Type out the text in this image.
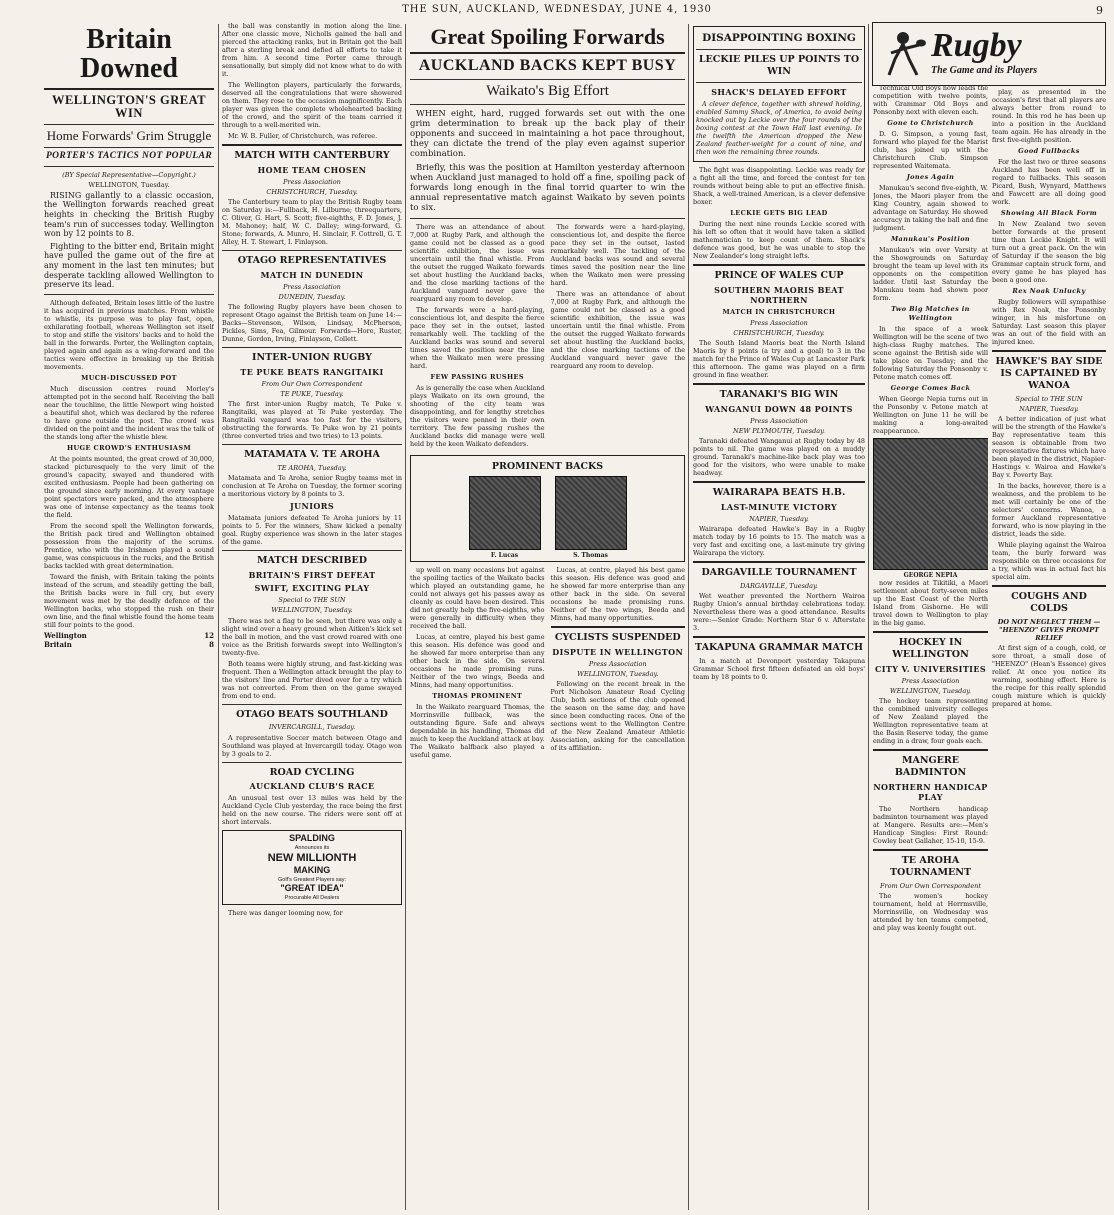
THE SUN, AUCKLAND, WEDNESDAY, JUNE 4, 1930	9
Britain Downed
WELLINGTON'S GREAT WIN
Home Forwards' Grim Struggle
PORTER'S TACTICS NOT POPULAR
(BY Special Representative—Copyright.)
WELLINGTON, Tuesday.

RISING gallantly to a classic occasion, the Wellington forwards reached great heights in checking the British Rugby team's run of successes today. Wellington won by 12 points to 8.

Fighting to the bitter end, Britain might have pulled the game out of the fire at any moment in the last ten minutes; but desperate tackling allowed Wellington to preserve its lead.

Although defeated, Britain loses little of the lustre it has acquired in previous matches. From whistle to whistle, its purpose was to play fast, open, exhilarating football, whereas Wellington set itself to stop and stifle the visitors' backs and to hold the ball in the forwards. Porter, the Wellington captain, played again and again as a wing-forward and the tactics were effective in breaking up the British movements.

MUCH-DISCUSSED POT

Much discussion centres round Morley's attempted pot in the second half. Receiving the ball near the touchline, the little Newport wing hoisted a beautiful shot, which was declared by the referee to have gone outside the post. The crowd was divided on the point and the incident was the talk of the stands long after the whistle blew.

HUGE CROWD'S ENTHUSIASM

At the points mounted, the great crowd of 30,000, stacked picturesquely to the very limit of the ground's capacity, swayed and thundered with excited enthusiasm. People had been gathering on the ground since early morning. At every vantage point spectators were packed, and the atmosphere was one of intense expectancy as the teams took the field.

From the second spell the Wellington forwards, the British pack tired and Wellington obtained possession from the majority of the scrums. Prentice, who with the Irishmen played a sound game, was conspicuous in the rucks, and the British backs tackled with great determination.

Toward the finish, with Britain taking the points instead of the scrum, and steadily getting the ball, the British backs were in full cry, but every movement was met by the deadly defence of the Wellington backs, who stopped the rush on their own line, and the final whistle found the home team still four points to the good.

Wellington	12
Britain	8

the ball was constantly in motion along the line. After one classic move, Nicholls gained the ball and pierced the attacking ranks, but in Britain got the ball after a sterling break and defied all efforts to take it from him. A second time Porter came through sensationally, but simply did not know what to do with it.

The Wellington players, particularly the forwards, deserved all the congratulations that were showered on them. They rose to the occasion magnificently. Each player was given the complete wholehearted backing of the crowd, and the spirit of the team carried it through to a well-merited win.

Mr. W. B. Fuller, of Christchurch, was referee.

MATCH WITH CANTERBURY
HOME TEAM CHOSEN
Press Association
CHRISTCHURCH, Tuesday.

The Canterbury team to play the British Rugby team on Saturday is:—Fullback, H. Lilburne; threequarters, C. Oliver, G. Hart, S. Scott; five-eighths, F. D. Jones, J. M. Mahoney; half, W. C. Dalley; wing-forward, G. Stone; forwards, A. Munro, H. Sinclair, F. Cottrell, G. T. Alley, H. T. Stewart, I. Finlayson.

OTAGO REPRESENTATIVES
MATCH IN DUNEDIN
Press Association
DUNEDIN, Tuesday.

The following Rugby players have been chosen to represent Otago against the British team on June 14:—Backs—Stevenson, Wilson, Lindsay, McPherson, Pickles, Sims, Fea, Gilmour. Forwards—Hore, Ruster, Dunne, Gordon, Irving, Finlayson, Collett.

INTER-UNION RUGBY
TE PUKE BEATS RANGITAIKI
From Our Own Correspondent
TE PUKE, Tuesday.

The first inter-union Rugby match, Te Puke v. Rangitaiki, was played at Te Puke yesterday. The Rangitaiki vanguard was too fast for the visitors, obstructing the forwards. Te Puke won by 21 points (three converted tries and two tries) to 13 points.

MATAMATA V. TE AROHA
TE AROHA, Tuesday.

Matamata and Te Aroha, senior Rugby teams met in conclusion at Te Aroha on Tuesday, the former scoring a meritorious victory by 8 points to 3.

JUNIORS

Matamata juniors defeated Te Aroha juniors by 11 points to 5. For the winners, Shaw kicked a penalty goal. Rugby experience was shown in the later stages of the game.

MATCH DESCRIBED
BRITAIN'S FIRST DEFEAT
SWIFT, EXCITING PLAY
Special to THE SUN
WELLINGTON, Tuesday.

There was not a flag to be seen, but there was only a slight wind over a heavy ground when Aitken's kick set the ball in motion, and the vast crowd roared with one voice as the British forwards swept into Wellington's twenty-five.

Both teams were highly strung, and fast-kicking was frequent. Then a Wellington attack brought the play to the visitors' line and Porter dived over for a try which was not converted. From then on the game swayed from end to end.

OTAGO BEATS SOUTHLAND
INVERCARGILL, Tuesday.

A representative Soccer match between Otago and Southland was played at Invercargill today. Otago won by 3 goals to 2.

ROAD CYCLING
AUCKLAND CLUB'S RACE

An unusual test over 13 miles was held by the Auckland Cycle Club yesterday, the race being the first held on the new course. The riders were sent off at short intervals.

SPALDING
Announces its
NEW MILLIONTH
MAKING
Golf's Greatest Players say:
"GREAT IDEA"
Procurable All Dealers

There was danger looming now, for

Great Spoiling Forwards
AUCKLAND BACKS KEPT BUSY
Waikato's Big Effort

WHEN eight, hard, rugged forwards set out with the one grim determination to break up the back play of their opponents and succeed in maintaining a hot pace throughout, they can dictate the trend of the play even against superior combination.

Briefly, this was the position at Hamilton yesterday afternoon when Auckland just managed to hold off a fine, spoiling pack of forwards long enough in the final torrid quarter to win the annual representative match against Waikato by seven points to six.

There was an attendance of about 7,000 at Rugby Park, and although the game could not be classed as a good scientific exhibition, the issue was uncertain until the final whistle. From the outset the rugged Waikato forwards set about hustling the Auckland backs, and the close marking tactions of the Auckland vanguard never gave the rearguard any room to develop.

The forwards were a hard-playing, conscientious lot, and despite the fierce pace they set in the outset, lasted remarkably well. The tackling of the Auckland backs was sound and several times saved the position near the line when the Waikato men were pressing hard.

FEW PASSING RUSHES

As is generally the case when Auckland plays Waikato on its own ground, the shooting of the city team was disappointing, and for lengthy stretches the visitors were penned in their own territory. The few passing rushes the Auckland backs did manage were well held by the keen Waikato defenders.

The forwards were a hard-playing, conscientious lot, and despite the fierce pace they set in the outset, lasted remarkably well. The tackling of the Auckland backs was sound and several times saved the position near the line when the Waikato men were pressing hard.

There was an attendance of about 7,000 at Rugby Park, and although the game could not be classed as a good scientific exhibition, the issue was uncertain until the final whistle. From the outset the rugged Waikato forwards set about hustling the Auckland backs, and the close marking tactions of the Auckland vanguard never gave the rearguard any room to develop.

PROMINENT BACKS
F. Lucas	S. Thomas

up well on many occasions but against the spoiling tactics of the Waikato backs which played an outstanding game, he could not always get his passes away as cleanly as could have been desired. This did not greatly help the five-eighths, who were generally in difficulty when they received the ball.

Lucas, at centre, played his best game this season. His defence was good and he showed far more enterprise than any other back in the side. On several occasions he made promising runs. Neither of the two wings, Beeda and Minns, had many opportunities.

THOMAS PROMINENT

In the Waikato rearguard Thomas, the Morrinsville fullback, was the outstanding figure. Safe and always dependable in his handling, Thomas did much to keep the Auckland attack at bay. The Waikato halfback also played a useful game.

Lucas, at centre, played his best game this season. His defence was good and he showed far more enterprise than any other back in the side. On several occasions he made promising runs. Neither of the two wings, Beeda and Minns, had many opportunities.

CYCLISTS SUSPENDED
DISPUTE IN WELLINGTON
Press Association
WELLINGTON, Tuesday.

Following on the recent break in the Port Nicholson Amateur Road Cycling Club, both sections of the club opened the season on the same day, and have since been conducting races. One of the sections went to the Wellington Centre of the New Zealand Amateur Athletic Association, asking for the cancellation of its affiliation.

DISAPPOINTING BOXING
LECKIE PILES UP POINTS TO WIN
SHACK'S DELAYED EFFORT

A clever defence, together with shrewd holding, enabled Sammy Shack, of America, to avoid being knocked out by Leckie over the four rounds of the boxing contest at the Town Hall last evening. In the twelfth the American dropped the New Zealand feather-weight for a count of nine, and then won the remaining three rounds.

The fight was disappointing. Leckie was ready for a fight all the time, and forced the contest for ten rounds without being able to put an effective finish. Shack, a well-trained American, is a clever defensive boxer.

LECKIE GETS BIG LEAD

During the next nine rounds Leckie scored with his left so often that it would have taken a skilled mathematician to keep count of them. Shack's defence was good, but he was unable to stop the New Zealander's long straight lefts.

PRINCE OF WALES CUP
SOUTHERN MAORIS BEAT NORTHERN
MATCH IN CHRISTCHURCH
Press Association
CHRISTCHURCH, Tuesday.

The South Island Maoris beat the North Island Maoris by 8 points (a try and a goal) to 3 in the match for the Prince of Wales Cup at Lancaster Park this afternoon. The game was played on a firm ground in fine weather.

TARANAKI'S BIG WIN
WANGANUI DOWN 48 POINTS
Press Association
NEW PLYMOUTH, Tuesday.

Taranaki defeated Wanganui at Rugby today by 48 points to nil. The game was played on a muddy ground. Taranaki's machine-like back play was too good for the visitors, who were unable to make headway.

WAIRARAPA BEATS H.B.
LAST-MINUTE VICTORY
NAPIER, Tuesday.

Wairarapa defeated Hawke's Bay in a Rugby match today by 16 points to 15. The match was a very fast and exciting one, a last-minute try giving Wairarapa the victory.

DARGAVILLE TOURNAMENT
DARGAVILLE, Tuesday.

Wet weather prevented the Northern Wairoa Rugby Union's annual birthday celebrations today. Nevertheless there was a good attendance. Results were:—Senior Grade: Northern Star 6 v. Afterstate 3.

TAKAPUNA GRAMMAR MATCH

In a match at Devonport yesterday Takapuna Grammar School first fifteen defeated an old boys' team by 18 points to 0.

Technical Old Boys now leads the competition with twelve points, with Grammar Old Boys and Ponsonby next with eleven each.

Gone to Christchurch

D. G. Simpson, a young fast, forward who played for the Marist club, has joined up with the Christchurch Club. Simpson represented Waitemata.

Jones Again

Manukau's second five-eighth, W. Jones, the Maori player from the King Country, again showed to advantage on Saturday. He showed accuracy in taking the ball and fine judgment.

Manukau's Position

Manukau's win over Varsity at the Showgrounds on Saturday brought the team up level with its opponents on the competition ladder. Until last Saturday the Manukau team had shown poor form.

Two Big Matches in Wellington

In the space of a week Wellington will be the scene of two high-class Rugby matches. The scene against the British side will take place on Tuesday; and the following Saturday the Ponsonby v. Petone match comes off.

George Comes Back

When George Nepia turns out in the Ponsonby v. Petone match at Wellington on June 11 he will be making a long-awaited reappearance.

GEORGE NEPIA

now resides at Tikitiki, a Maori settlement about forty-seven miles up the East Coast of the North Island from Gisborne. He will travel down to Wellington to play in the big game.

HOCKEY IN WELLINGTON
CITY V. UNIVERSITIES
Press Association
WELLINGTON, Tuesday.

The hockey team representing the combined university colleges of New Zealand played the Wellington representative team at the Basin Reserve today, the game ending in a draw, four goals each.

MANGERE BADMINTON
NORTHERN HANDICAP PLAY

The Northern handicap badminton tournament was played at Mangere. Results are:—Men's Handicap Singles: First Round: Cowley beat Gallaher, 15-10, 15-9.

TE AROHA TOURNAMENT
From Our Own Correspondent

The women's hockey tournament, held at Herrmsville, Morrinsville, on Wednesday was attended by ten teams competed, and play was keenly fought out.

Rugby
The Game and its Players

play, as presented in the occasion's first that all players are always better from round to round. In this rod he has been up into a position in the Auckland team again. He has already in the first five-eighth position.

Good Fullbacks

For the last two or three seasons Auckland has been well off in regard to fullbacks. This season Picard, Bush, Wynyard, Matthews and Fawcett are all doing good work.

Showing All Black Form

In New Zealand two seven better forwards at the present time than Leckie Knight. It will turn out a great pack. On the win of Saturday if the season the big Grammar captain struck form, and every game he has played has been a good one.

Rex Noak Unlucky

Rugby followers will sympathise with Rex Noak, the Ponsonby winger, in his misfortune on Saturday. Last season this player was an out of the field with an injured knee.

HAWKE'S BAY SIDE IS CAPTAINED BY WANOA
Special to THE SUN
NAPIER, Tuesday.

A better indication of just what will be the strength of the Hawke's Bay representative team this season is obtainable from two representative fixtures which have been played in the district, Napier-Hastings v. Wairoa and Hawke's Bay v. Poverty Bay.

In the backs, however, there is a weakness, and the problem to be met will certainly be one of the selectors' concerns. Wanoa, a former Auckland representative forward, who is now playing in the district, leads the side.

While playing against the Wairoa team, the burly forward was responsible on three occasions for a try, which was in actual fact his special aim.

COUGHS AND COLDS
DO NOT NEGLECT THEM — "HEENZO" GIVES PROMPT RELIEF

At first sign of a cough, cold, or sore throat, a small dose of "HEENZO" (Hean's Essence) gives relief. At once you notice its warming, soothing effect. Here is the recipe for this really splendid cough mixture which is quickly prepared at home.
